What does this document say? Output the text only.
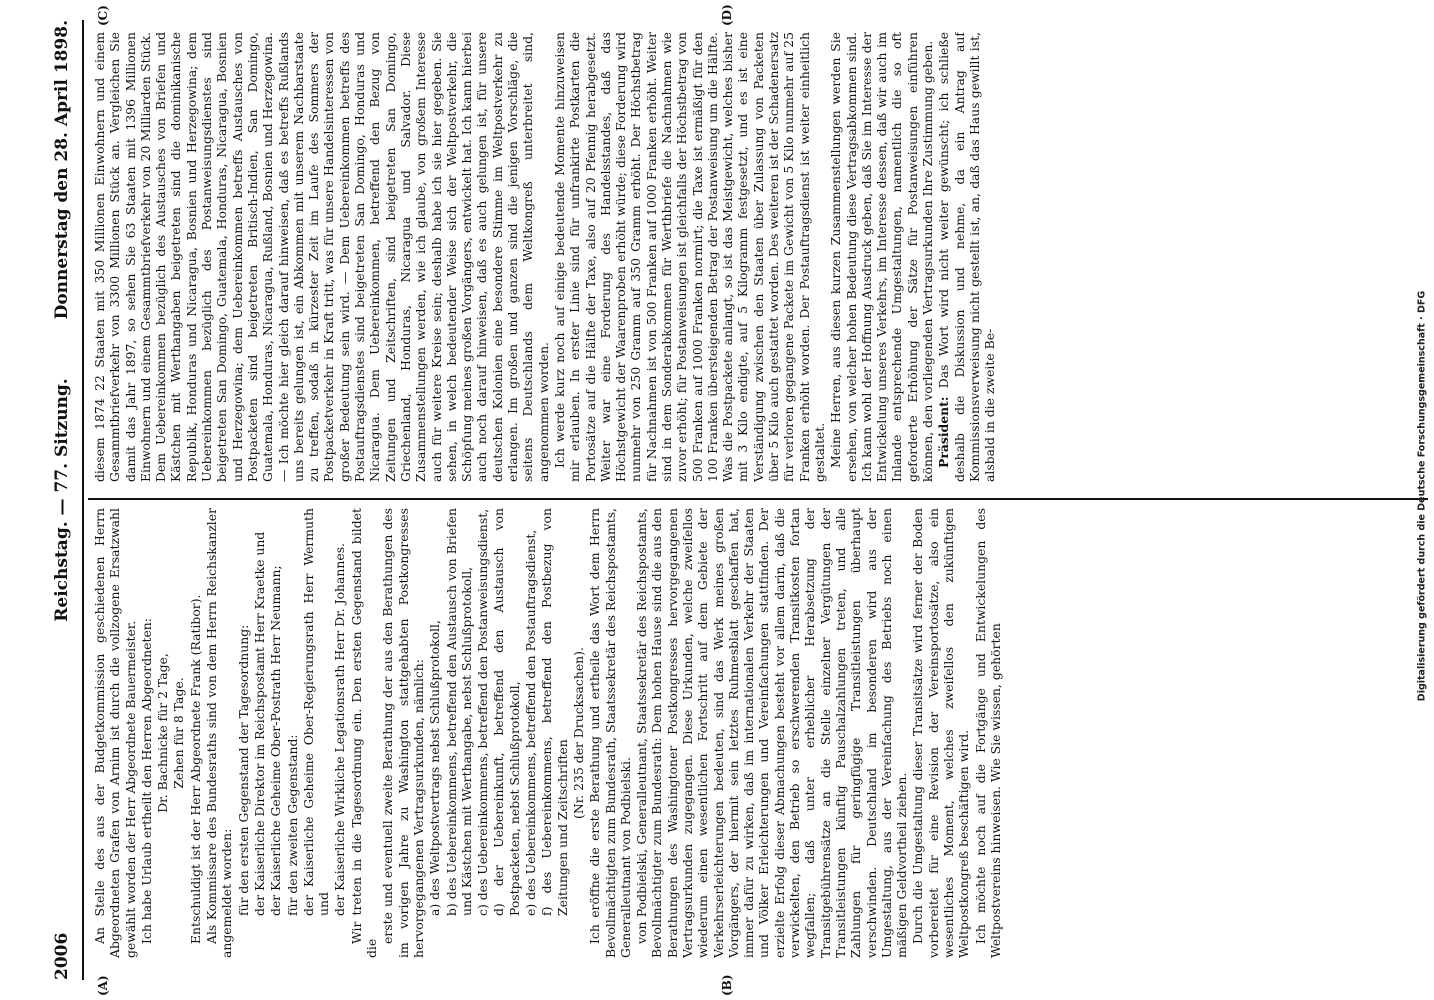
2006
Reichstag. — 77. Sitzung.
Donnerstag den 28. April 1898.
(A)	(B)
(C)	(D)

An Stelle des aus der Budgetkommission geschiedenen Herrn Abgeordneten Grafen von Arnim ist durch die vollzogene Ersatzwahl gewählt worden der Herr Abgeordnete Bauermeister. Ich habe Urlaub ertheilt den Herren Abgeordneten: Dr. Bachnicke für 2 Tage, Zehen für 8 Tage. Entschuldigt ist der Herr Abgeordnete Frank (Ratibor). Als Kommissare des Bundesraths sind von dem Herrn Reichskanzler angemeldet worden: für den ersten Gegenstand der Tagesordnung: der Kaiserliche Direktor im Reichspostamt Herr Kraetke und der Kaiserliche Geheime Ober-Postrath Herr Neumann; für den zweiten Gegenstand: der Kaiserliche Geheime Ober-Regierungsrath Herr Wermuth und der Kaiserliche Wirkliche Legationsrath Herr Dr. Johannes. Wir treten in die Tagesordnung ein. Den ersten Gegenstand bildet die

erste und eventuell zweite Berathung der aus den Berathungen des im vorigen Jahre zu Washington stattgehabten Postkongresses hervorgegangenen Vertragsurkunden, nämlich: a) des Weltpostvertrags nebst Schlußprotokoll, b) des Uebereinkommens, betreffend den Austausch von Briefen und Kästchen mit Werthangabe, nebst Schlußprotokoll, c) des Uebereinkommens, betreffend den Postanweisungsdienst, d) der Uebereinkunft, betreffend den Austausch von Postpacketen, nebst Schlußprotokoll, e) des Uebereinkommens, betreffend den Postauftragsdienst, f) des Uebereinkommens, betreffend den Postbezug von Zeitungen und Zeitschriften

(Nr. 235 der Drucksachen). Ich eröffne die erste Berathung und ertheile das Wort dem Herrn Bevollmächtigten zum Bundesrath, Staatssekretär des Reichspostamts, Generalleutnant von Podbielski. von Podbielski, Generalleutnant, Staatssekretär des Reichspostamts, Bevollmächtigter zum Bundesrath: Dem hohen Hause sind die aus den Berathungen des Washingtoner Postkongresses hervorgegangenen Vertragsurkunden zugegangen. Diese Urkunden, welche zweifellos wiederum einen wesentlichen Fortschritt auf dem Gebiete der Verkehrserleichterungen bedeuten, sind das Werk meines großen Vorgängers, der hiermit sein letztes Ruhmesblatt geschaffen hat, immer dafür zu wirken, daß im internationalen Verkehr der Staaten und Völker Erleichterungen und Vereinfachungen stattfinden. Der erzielte Erfolg dieser Abmachungen besteht vor allem darin, daß die verwickelten, den Betrieb so erschwerenden Transitkosten fortan wegfallen; daß unter erheblicher Herabsetzung der Transitgebührensätze an die Stelle einzelner Vergütungen der Transitleistungen künftig Pauschalzahlungen treten, und alle Zahlungen für geringfügige Transitleistungen überhaupt verschwinden. Deutschland im besonderen wird aus der Umgestaltung, aus der Vereinfachung des Betriebs noch einen mäßigen Geldvortheil ziehen. Durch die Umgestaltung dieser Transitsätze wird ferner der Boden vorbereitet für eine Revision der Vereinsportosätze, also ein wesentliches Moment, welches zweifellos den zukünftigen Weltpostkongreß beschäftigen wird. Ich möchte noch auf die Fortgänge und Entwickelungen des Weltpostvereins hinweisen. Wie Sie wissen, gehörten

diesem 1874 22 Staaten mit 350 Millionen Einwohnern und einem Gesammtbriefverkehr von 3300 Millionen Stück an. Vergleichen Sie damit das Jahr 1897, so sehen Sie 63 Staaten mit 1396 Millionen Einwohnern und einem Gesammtbriefverkehr von 20 Milliarden Stück. Dem Uebereinkommen bezüglich des Austausches von Briefen und Kästchen mit Werthangaben beigetreten sind die dominikanische Republik, Honduras und Nicaragua, Bosnien und Herzegowina; dem Uebereinkommen bezüglich des Postanweisungsdienstes sind beigetreten San Domingo, Guatemala, Honduras, Nicaragua, Bosnien und Herzegowina; dem Uebereinkommen betreffs Austausches von Postpacketen sind beigetreten Britisch-Indien, San Domingo, Guatemala, Honduras, Nicaragua, Rußland, Bosnien und Herzegowina. — Ich möchte hier gleich darauf hinweisen, daß es betreffs Rußlands uns bereits gelungen ist, ein Abkommen mit unserem Nachbarstaate zu treffen, sodaß in kürzester Zeit im Laufe des Sommers der Postpacketverkehr in Kraft tritt, was für unsere Handelsinteressen von großer Bedeutung sein wird. — Dem Uebereinkommen betreffs des Postauftragsdienstes sind beigetreten San Domingo, Honduras und Nicaragua. Dem Uebereinkommen, betreffend den Bezug von Zeitungen und Zeitschriften, sind beigetreten San Domingo, Griechenland, Honduras, Nicaragua und Salvador. Diese Zusammenstellungen werden, wie ich glaube, von großem Interesse auch für weitere Kreise sein; deshalb habe ich sie hier gegeben. Sie sehen, in welch bedeutender Weise sich der Weltpostverkehr, die Schöpfung meines großen Vorgängers, entwickelt hat. Ich kann hierbei auch noch darauf hinweisen, daß es auch gelungen ist, für unsere deutschen Kolonien eine besondere Stimme im Weltpostverkehr zu erlangen. Im großen und ganzen sind die jenigen Vorschläge, die seitens Deutschlands dem Weltkongreß unterbreitet sind, angenommen worden. Ich werde kurz noch auf einige bedeutende Momente hinzuweisen mir erlauben. In erster Linie sind für unfrankirte Postkarten die Portosätze auf die Hälfte der Taxe, also auf 20 Pfennig herabgesetzt. Weiter war eine Forderung des Handelsstandes, daß das Höchstgewicht der Waarenproben erhöht würde; diese Forderung wird nunmehr von 250 Gramm auf 350 Gramm erhöht. Der Höchstbetrag für Nachnahmen ist von 500 Franken auf 1000 Franken erhöht. Weiter sind in dem Sonderabkommen für Werthbriefe die Nachnahmen wie zuvor erhöht; für Postanweisungen ist gleichfalls der Höchstbetrag von 500 Franken auf 1000 Franken normirt; die Taxe ist ermäßigt für den 100 Franken übersteigenden Betrag der Postanweisung um die Hälfte. Was die Postpackete anlangt, so ist das Meistgewicht, welches bisher mit 3 Kilo endigte, auf 5 Kilogramm festgesetzt, und es ist eine Verständigung zwischen den Staaten über Zulassung von Packeten über 5 Kilo auch gestattet worden. Des weiteren ist der Schadenersatz für verloren gegangene Packete im Gewicht von 5 Kilo nunmehr auf 25 Franken erhöht worden. Der Postauftragsdienst ist weiter einheitlich gestaltet. Meine Herren, aus diesen kurzen Zusammenstellungen werden Sie ersehen, von welcher hohen Bedeutung diese Vertragsabkommen sind. Ich kann wohl der Hoffnung Ausdruck geben, daß Sie im Interesse der Entwickelung unseres Verkehrs, im Interesse dessen, daß wir auch im Inlande entsprechende Umgestaltungen, namentlich die so oft geforderte Erhöhung der Sätze für Postanweisungen einführen können, den vorliegenden Vertragsurkunden Ihre Zustimmung geben. Präsident: Das Wort wird nicht weiter gewünscht; ich schließe deshalb die Diskussion und nehme, da ein Antrag auf Kommissionsverweisung nicht gestellt ist, an, daß das Haus gewillt ist, alsbald in die zweite Be-	Digitalisierung gefördert durch die Deutsche Forschungsgemeinschaft · DFG
